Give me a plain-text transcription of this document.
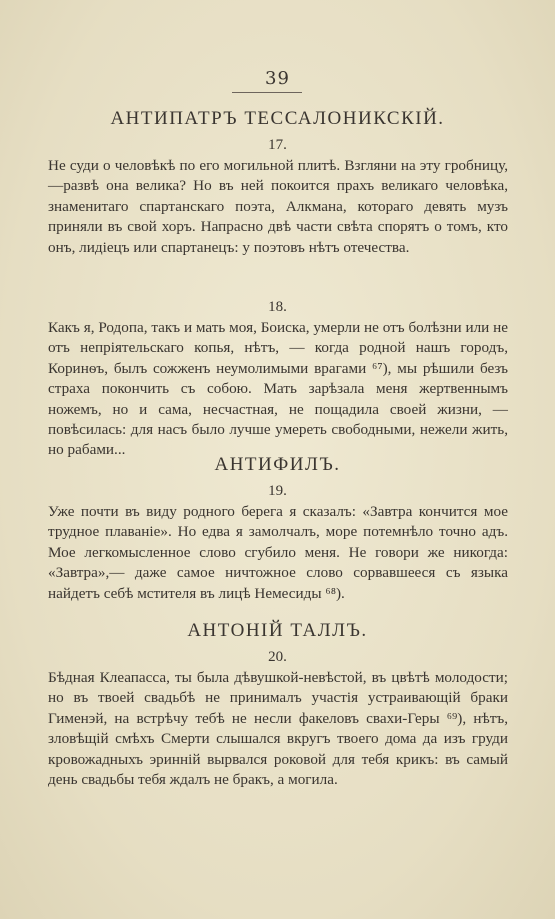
39
АНТИПАТРЪ ТЕССАЛОНИКСКІЙ.
17.

Не суди о человѣкѣ по его могильной плитѣ. Взгляни на эту гробницу,—развѣ она велика? Но въ ней покоится прахъ великаго человѣка, знаменитаго спартанскаго поэта, Алкмана, котораго девять музъ приняли въ свой хоръ. Напрасно двѣ части свѣта спорятъ о томъ, кто онъ, лидіецъ или спартанецъ: у поэтовъ нѣтъ отечества.

18.

Какъ я, Родопа, такъ и мать моя, Боиска, умерли не отъ болѣзни или не отъ непріятельскаго копья, нѣтъ, — когда родной нашъ городъ, Коринѳъ, былъ сожженъ неумолимыми врагами ⁶⁷), мы рѣшили безъ страха покончить съ собою. Мать зарѣзала меня жертвеннымъ ножемъ, но и сама, несчастная, не пощадила своей жизни, — повѣсилась: для насъ было лучше умереть свободными, нежели жить, но рабами...

АНТИФИЛЪ.
19.

Уже почти въ виду родного берега я сказалъ: «Завтра кончится мое трудное плаваніе». Но едва я замолчалъ, море потемнѣло точно адъ. Мое легкомысленное слово сгубило меня. Не говори же никогда: «Завтра»,— даже самое ничтожное слово сорвавшееся съ языка найдетъ себѣ мстителя въ лицѣ Немесиды ⁶⁸).

АНТОНІЙ ТАЛЛЪ.
20.

Бѣдная Клеапасса, ты была дѣвушкой-невѣстой, въ цвѣтѣ молодости; но въ твоей свадьбѣ не принималъ участія устраивающій браки Гименэй, на встрѣчу тебѣ не несли факеловъ свахи-Геры ⁶⁹), нѣтъ, зловѣщій смѣхъ Смерти слышался вкругъ твоего дома да изъ груди кровожадныхъ эринній вырвался роковой для тебя крикъ: въ самый день свадьбы тебя ждалъ не бракъ, а могила.
